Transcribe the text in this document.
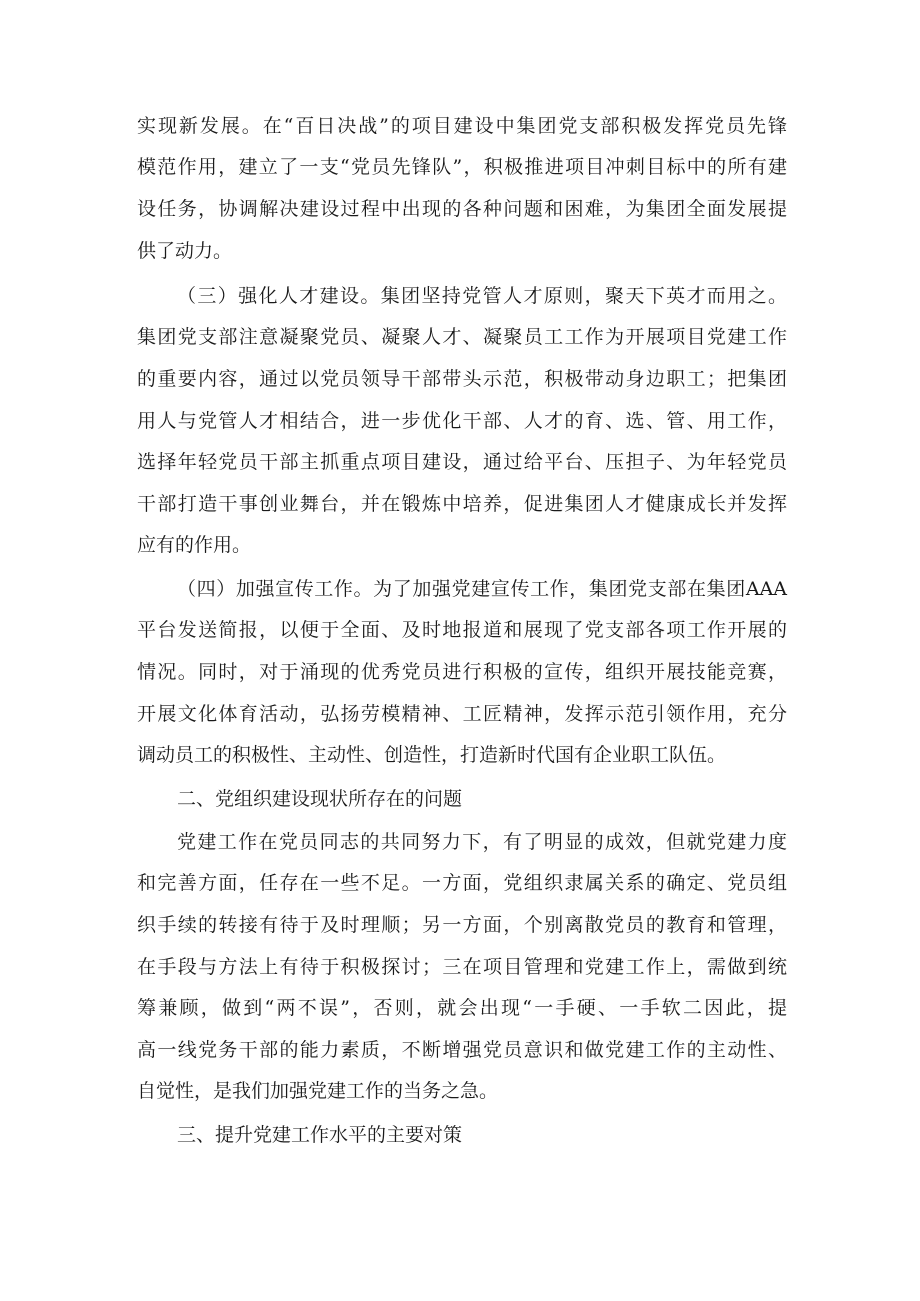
实现新发展。在“百日决战”的项目建设中集团党支部积极发挥党员先锋
模范作用，建立了一支“党员先锋队”，积极推进项目冲刺目标中的所有建
设任务，协调解决建设过程中出现的各种问题和困难，为集团全面发展提
供了动力。
（三）强化人才建设。集团坚持党管人才原则，聚天下英才而用之。
集团党支部注意凝聚党员、凝聚人才、凝聚员工工作为开展项目党建工作
的重要内容，通过以党员领导干部带头示范，积极带动身边职工；把集团
用人与党管人才相结合，进一步优化干部、人才的育、选、管、用工作，
选择年轻党员干部主抓重点项目建设，通过给平台、压担子、为年轻党员
干部打造干事创业舞台，并在锻炼中培养，促进集团人才健康成长并发挥
应有的作用。
（四）加强宣传工作。为了加强党建宣传工作，集团党支部在集团AAA
平台发送简报，以便于全面、及时地报道和展现了党支部各项工作开展的
情况。同时，对于涌现的优秀党员进行积极的宣传，组织开展技能竞赛，
开展文化体育活动，弘扬劳模精神、工匠精神，发挥示范引领作用，充分
调动员工的积极性、主动性、创造性，打造新时代国有企业职工队伍。
二、党组织建设现状所存在的问题
党建工作在党员同志的共同努力下，有了明显的成效，但就党建力度
和完善方面，任存在一些不足。一方面，党组织隶属关系的确定、党员组
织手续的转接有待于及时理顺；另一方面，个别离散党员的教育和管理，
在手段与方法上有待于积极探讨；三在项目管理和党建工作上，需做到统
筹兼顾，做到“两不误”，否则，就会出现“一手硬、一手软二因此，提
高一线党务干部的能力素质，不断增强党员意识和做党建工作的主动性、
自觉性，是我们加强党建工作的当务之急。
三、提升党建工作水平的主要对策
